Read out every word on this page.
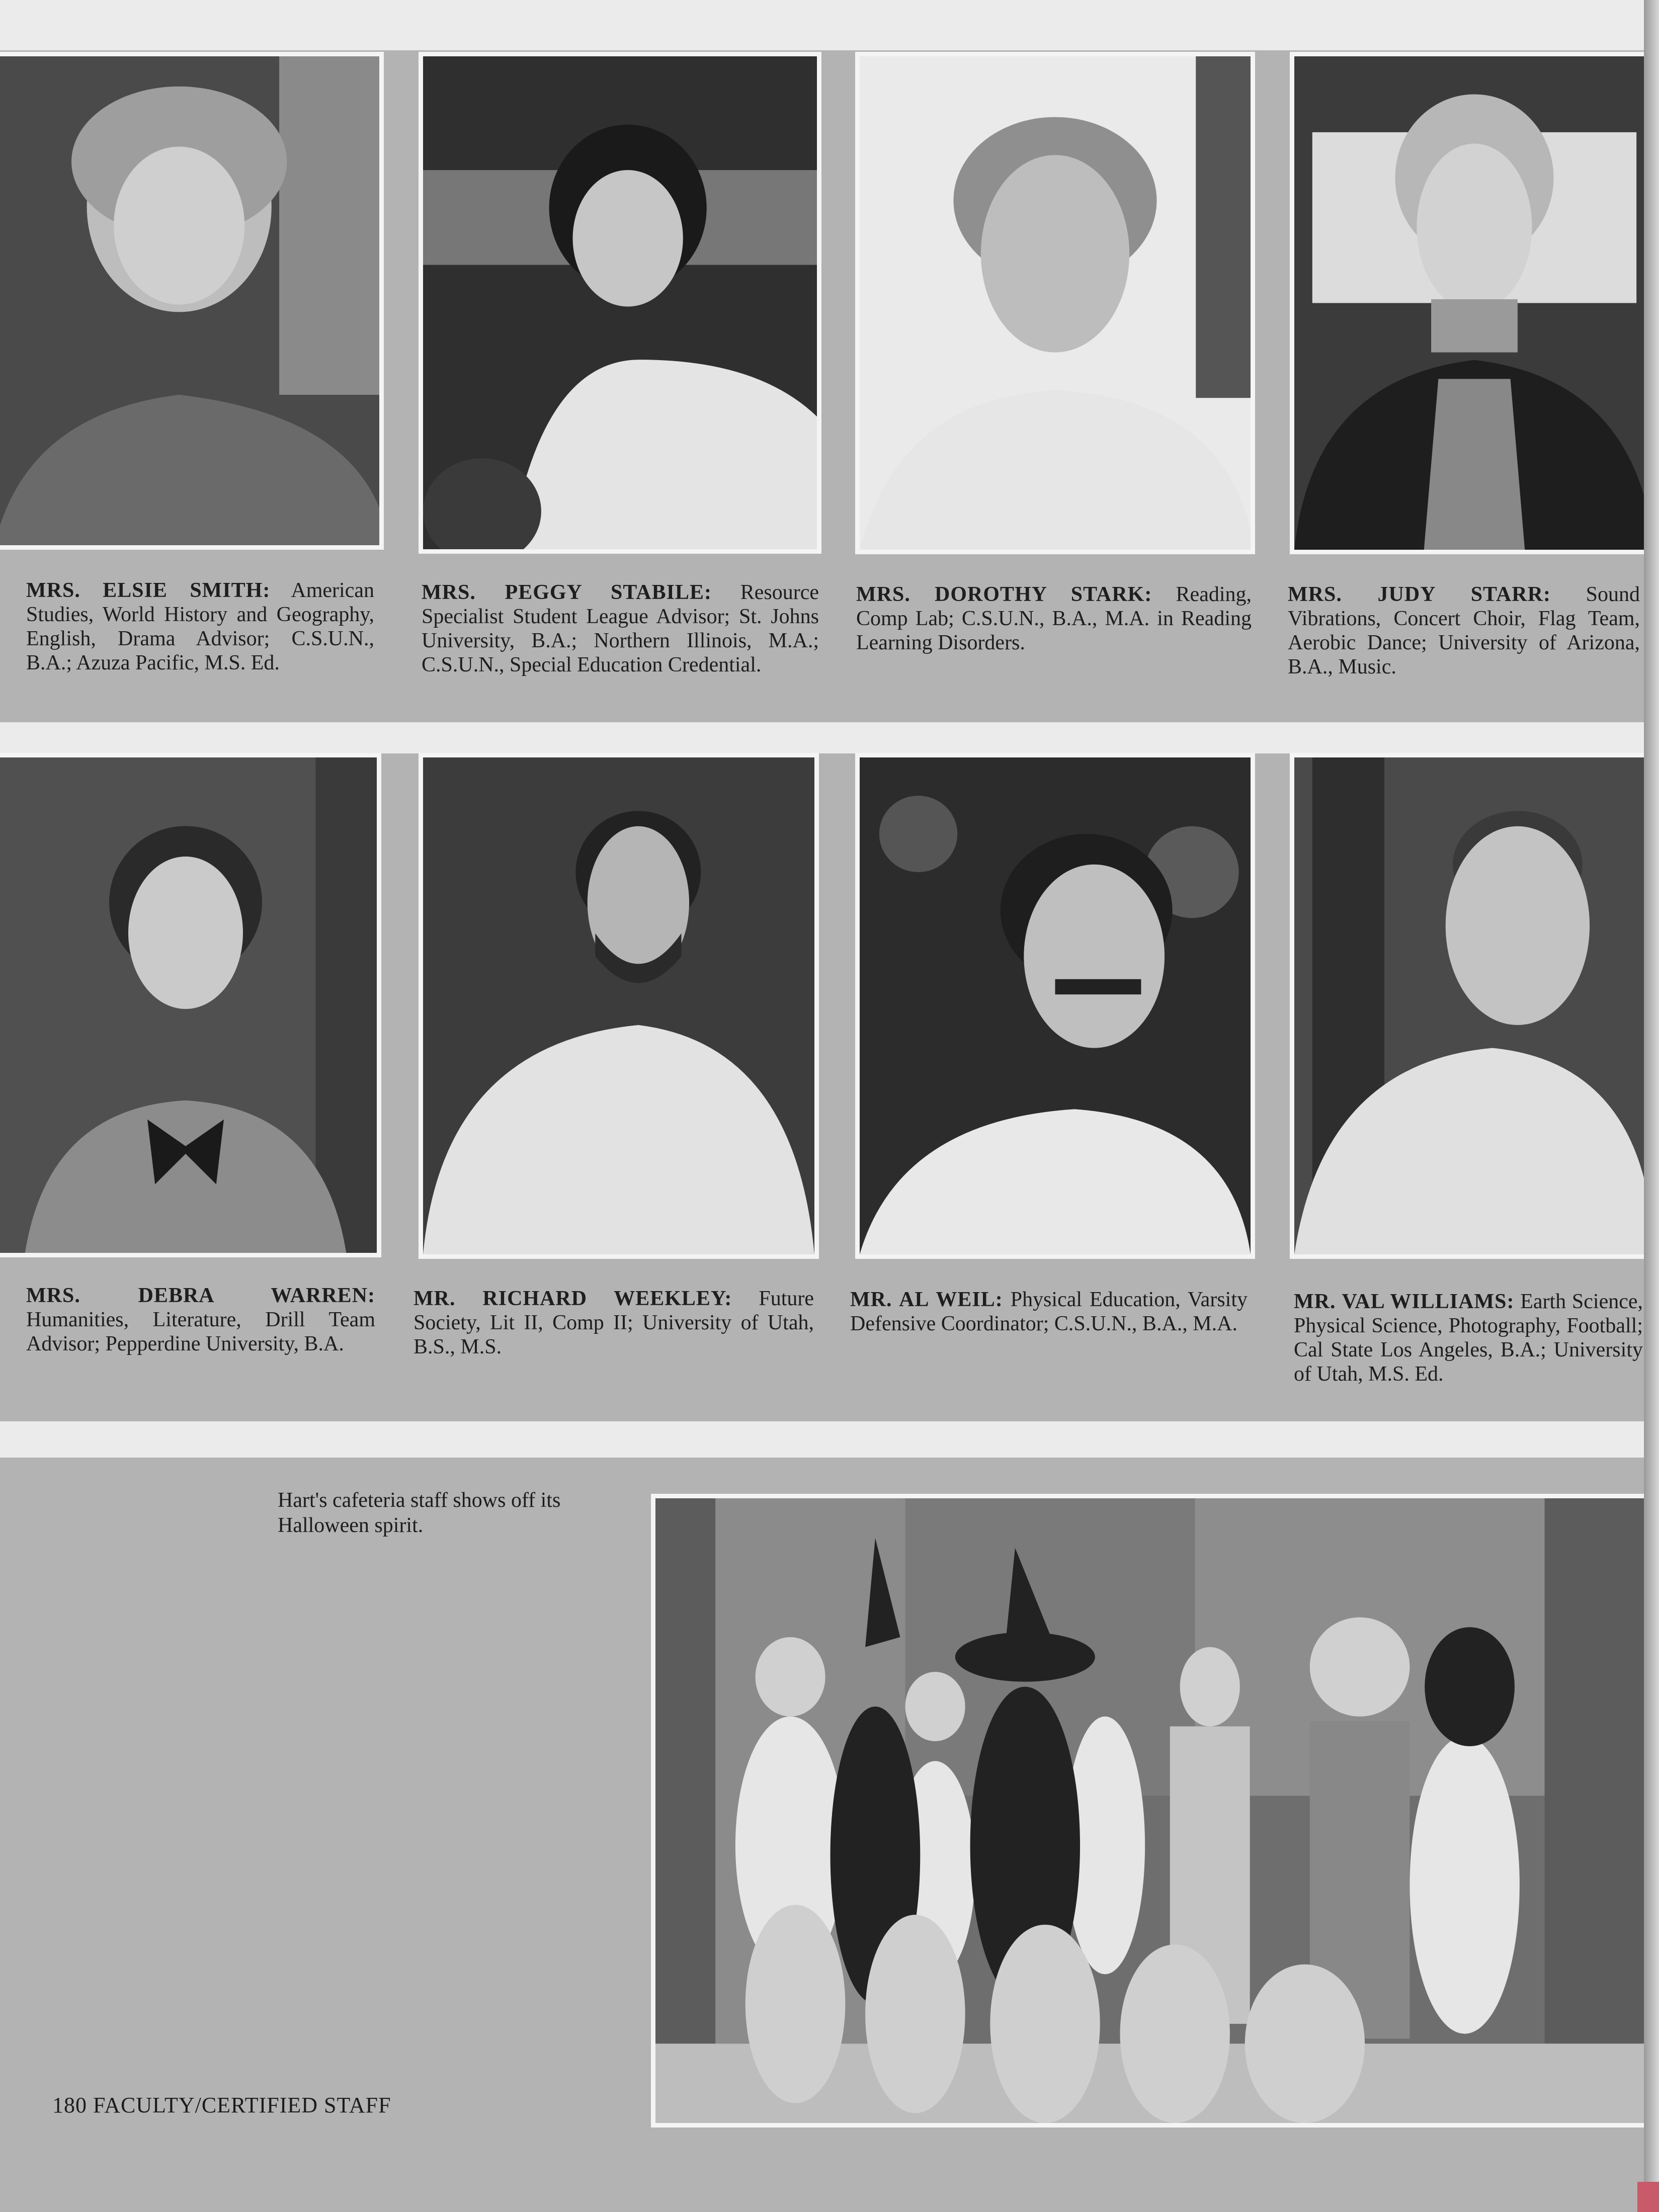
MRS. ELSIE SMITH: American Studies, World History and Geography, English, Drama Advisor; C.S.U.N., B.A.; Azuza Pacific, M.S. Ed.
MRS. PEGGY STABILE: Resource Specialist Student League Advisor; St. Johns University, B.A.; Northern Illinois, M.A.; C.S.U.N., Special Education Credential.
MRS. DOROTHY STARK: Reading, Comp Lab; C.S.U.N., B.A., M.A. in Reading Learning Disorders.
MRS. JUDY STARR: Sound Vibrations, Concert Choir, Flag Team, Aerobic Dance; University of Arizona, B.A., Music.
MRS. DEBRA WARREN: Humanities, Literature, Drill Team Advisor; Pepperdine University, B.A.
MR. RICHARD WEEKLEY: Future Society, Lit II, Comp II; University of Utah, B.S., M.S.
MR. AL WEIL: Physical Education, Varsity Defensive Coordinator; C.S.U.N., B.A., M.A.
MR. VAL WILLIAMS: Earth Science, Physical Science, Photography, Football; Cal State Los Angeles, B.A.; University of Utah, M.S. Ed.
Hart's cafeteria staff shows off its Halloween spirit.
180 FACULTY/CERTIFIED STAFF
